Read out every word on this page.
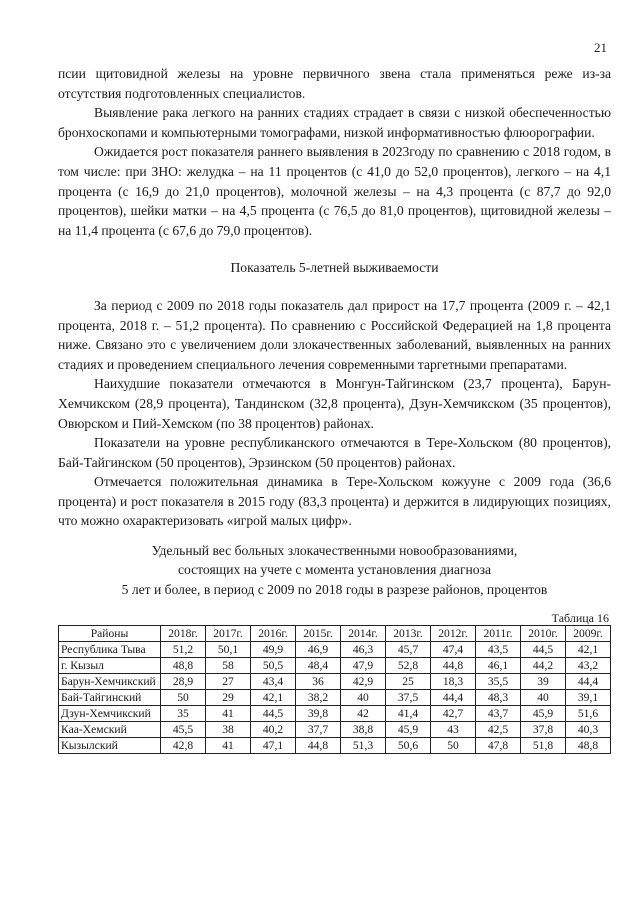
21

псии щитовидной железы на уровне первичного звена стала применяться реже из-за отсутствия подготовленных специалистов.

Выявление рака легкого на ранних стадиях страдает в связи с низкой обеспеченностью бронхоскопами и компьютерными томографами, низкой информативностью флюорографии.

Ожидается рост показателя раннего выявления в 2023году по сравнению с 2018 годом, в том числе: при ЗНО: желудка – на 11 процентов (с 41,0 до 52,0 процентов), легкого – на 4,1 процента (с 16,9 до 21,0 процентов), молочной железы – на 4,3 процента (с 87,7 до 92,0 процентов), шейки матки – на 4,5 процента (с 76,5 до 81,0 процентов), щитовидной железы – на 11,4 процента (с 67,6 до 79,0 процентов).

Показатель 5-летней выживаемости

За период с 2009 по 2018 годы показатель дал прирост на 17,7 процента (2009 г. – 42,1 процента, 2018 г. – 51,2 процента). По сравнению с Российской Федерацией на 1,8 процента ниже. Связано это с увеличением доли злокачественных заболеваний, выявленных на ранних стадиях и проведением специального лечения современными таргетными препаратами.

Наихудшие показатели отмечаются в Монгун-Тайгинском (23,7 процента), Барун-Хемчикском (28,9 процента), Тандинском (32,8 процента), Дзун-Хемчикском (35 процентов), Овюрском и Пий-Хемском (по 38 процентов) районах.

Показатели на уровне республиканского отмечаются в Тере-Хольском (80 процентов), Бай-Тайгинском (50 процентов), Эрзинском (50 процентов) районах.

Отмечается положительная динамика в Тере-Хольском кожууне с 2009 года (36,6 процента) и рост показателя в 2015 году (83,3 процента) и держится в лидирующих позициях, что можно охарактеризовать «игрой малых цифр».

Удельный вес больных злокачественными новообразованиями,
состоящих на учете с момента установления диагноза
5 лет и более, в период с 2009 по 2018 годы в разрезе районов, процентов
Таблица 16
Районы	2018г.	2017г.	2016г.	2015г.	2014г.	2013г.	2012г.	2011г.	2010г.	2009г.
Республика Тыва	51,2	50,1	49,9	46,9	46,3	45,7	47,4	43,5	44,5	42,1
г. Кызыл	48,8	58	50,5	48,4	47,9	52,8	44,8	46,1	44,2	43,2
Барун-Хемчикский	28,9	27	43,4	36	42,9	25	18,3	35,5	39	44,4
Бай-Тайгинский	50	29	42,1	38,2	40	37,5	44,4	48,3	40	39,1
Дзун-Хемчикский	35	41	44,5	39,8	42	41,4	42,7	43,7	45,9	51,6
Каа-Хемский	45,5	38	40,2	37,7	38,8	45,9	43	42,5	37,8	40,3
Кызылский	42,8	41	47,1	44,8	51,3	50,6	50	47,8	51,8	48,8
